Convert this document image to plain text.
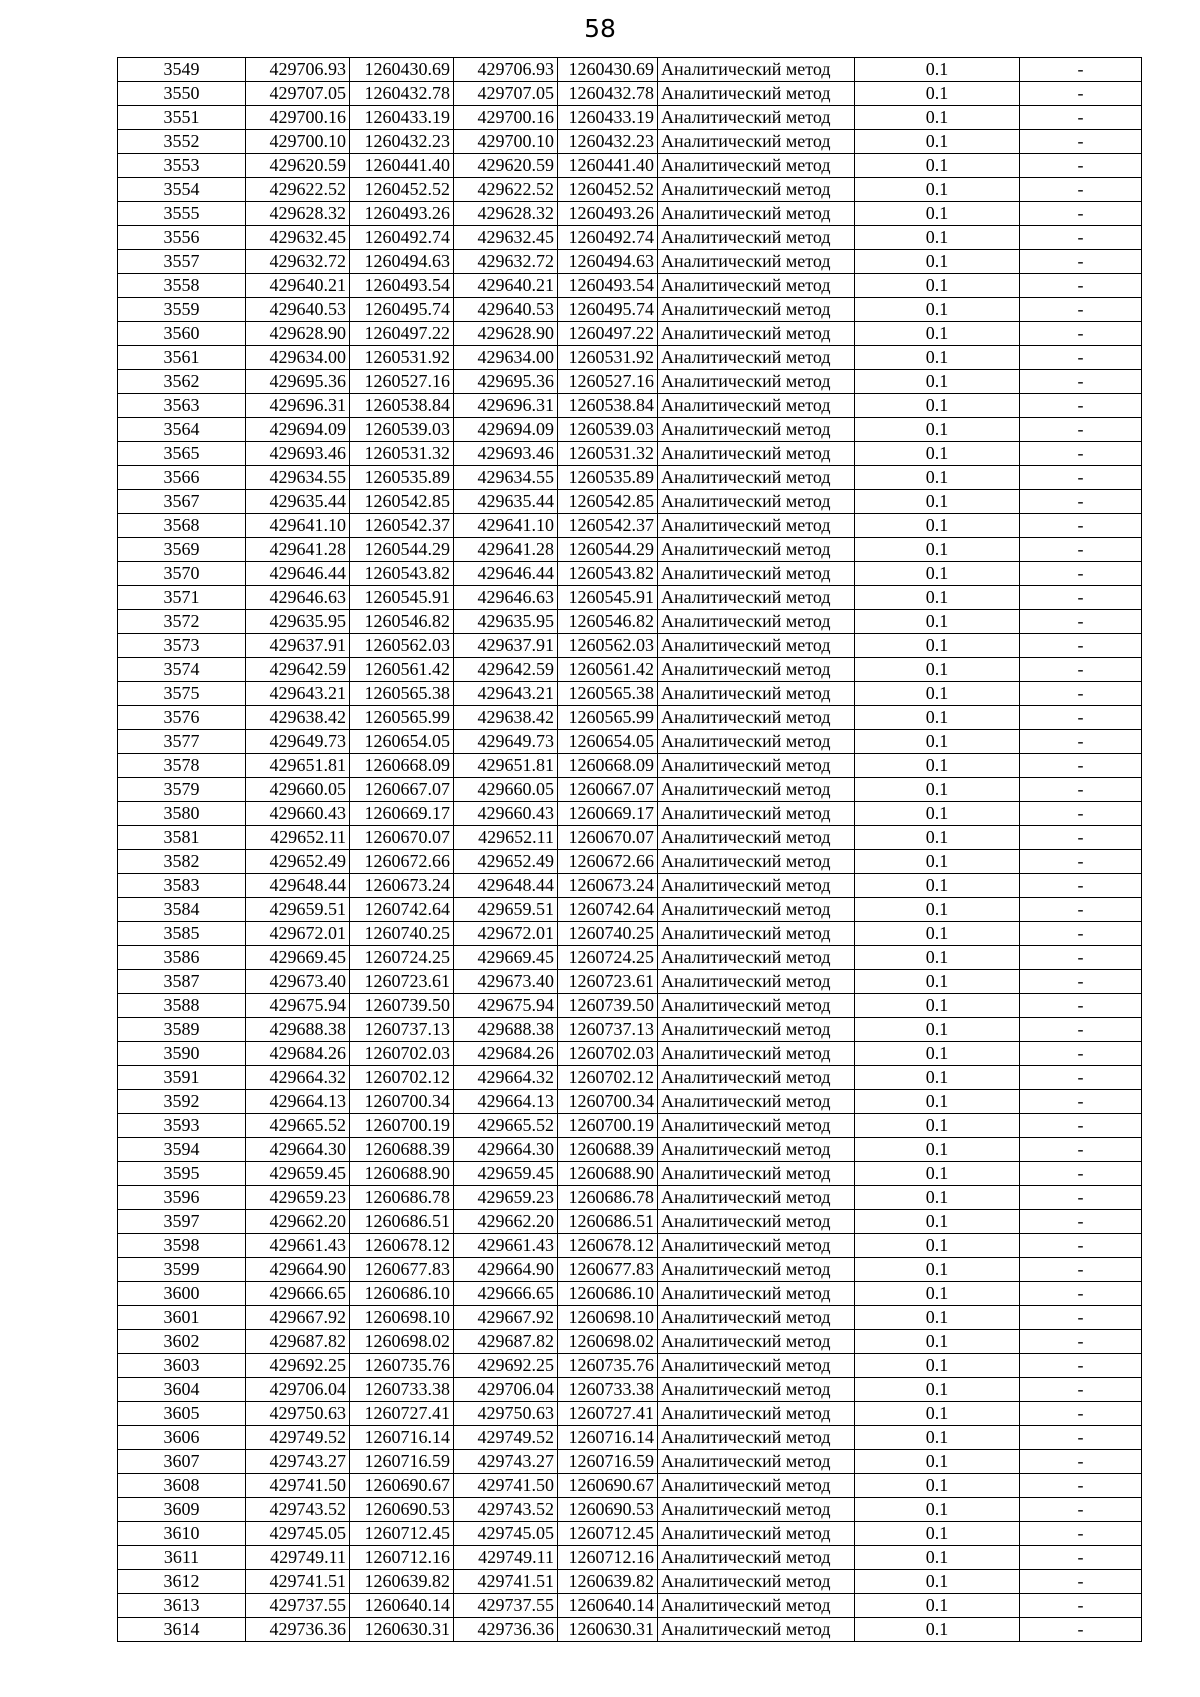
58
3549	429706.93	1260430.69	429706.93	1260430.69	Аналитический метод	0.1	-
3550	429707.05	1260432.78	429707.05	1260432.78	Аналитический метод	0.1	-
3551	429700.16	1260433.19	429700.16	1260433.19	Аналитический метод	0.1	-
3552	429700.10	1260432.23	429700.10	1260432.23	Аналитический метод	0.1	-
3553	429620.59	1260441.40	429620.59	1260441.40	Аналитический метод	0.1	-
3554	429622.52	1260452.52	429622.52	1260452.52	Аналитический метод	0.1	-
3555	429628.32	1260493.26	429628.32	1260493.26	Аналитический метод	0.1	-
3556	429632.45	1260492.74	429632.45	1260492.74	Аналитический метод	0.1	-
3557	429632.72	1260494.63	429632.72	1260494.63	Аналитический метод	0.1	-
3558	429640.21	1260493.54	429640.21	1260493.54	Аналитический метод	0.1	-
3559	429640.53	1260495.74	429640.53	1260495.74	Аналитический метод	0.1	-
3560	429628.90	1260497.22	429628.90	1260497.22	Аналитический метод	0.1	-
3561	429634.00	1260531.92	429634.00	1260531.92	Аналитический метод	0.1	-
3562	429695.36	1260527.16	429695.36	1260527.16	Аналитический метод	0.1	-
3563	429696.31	1260538.84	429696.31	1260538.84	Аналитический метод	0.1	-
3564	429694.09	1260539.03	429694.09	1260539.03	Аналитический метод	0.1	-
3565	429693.46	1260531.32	429693.46	1260531.32	Аналитический метод	0.1	-
3566	429634.55	1260535.89	429634.55	1260535.89	Аналитический метод	0.1	-
3567	429635.44	1260542.85	429635.44	1260542.85	Аналитический метод	0.1	-
3568	429641.10	1260542.37	429641.10	1260542.37	Аналитический метод	0.1	-
3569	429641.28	1260544.29	429641.28	1260544.29	Аналитический метод	0.1	-
3570	429646.44	1260543.82	429646.44	1260543.82	Аналитический метод	0.1	-
3571	429646.63	1260545.91	429646.63	1260545.91	Аналитический метод	0.1	-
3572	429635.95	1260546.82	429635.95	1260546.82	Аналитический метод	0.1	-
3573	429637.91	1260562.03	429637.91	1260562.03	Аналитический метод	0.1	-
3574	429642.59	1260561.42	429642.59	1260561.42	Аналитический метод	0.1	-
3575	429643.21	1260565.38	429643.21	1260565.38	Аналитический метод	0.1	-
3576	429638.42	1260565.99	429638.42	1260565.99	Аналитический метод	0.1	-
3577	429649.73	1260654.05	429649.73	1260654.05	Аналитический метод	0.1	-
3578	429651.81	1260668.09	429651.81	1260668.09	Аналитический метод	0.1	-
3579	429660.05	1260667.07	429660.05	1260667.07	Аналитический метод	0.1	-
3580	429660.43	1260669.17	429660.43	1260669.17	Аналитический метод	0.1	-
3581	429652.11	1260670.07	429652.11	1260670.07	Аналитический метод	0.1	-
3582	429652.49	1260672.66	429652.49	1260672.66	Аналитический метод	0.1	-
3583	429648.44	1260673.24	429648.44	1260673.24	Аналитический метод	0.1	-
3584	429659.51	1260742.64	429659.51	1260742.64	Аналитический метод	0.1	-
3585	429672.01	1260740.25	429672.01	1260740.25	Аналитический метод	0.1	-
3586	429669.45	1260724.25	429669.45	1260724.25	Аналитический метод	0.1	-
3587	429673.40	1260723.61	429673.40	1260723.61	Аналитический метод	0.1	-
3588	429675.94	1260739.50	429675.94	1260739.50	Аналитический метод	0.1	-
3589	429688.38	1260737.13	429688.38	1260737.13	Аналитический метод	0.1	-
3590	429684.26	1260702.03	429684.26	1260702.03	Аналитический метод	0.1	-
3591	429664.32	1260702.12	429664.32	1260702.12	Аналитический метод	0.1	-
3592	429664.13	1260700.34	429664.13	1260700.34	Аналитический метод	0.1	-
3593	429665.52	1260700.19	429665.52	1260700.19	Аналитический метод	0.1	-
3594	429664.30	1260688.39	429664.30	1260688.39	Аналитический метод	0.1	-
3595	429659.45	1260688.90	429659.45	1260688.90	Аналитический метод	0.1	-
3596	429659.23	1260686.78	429659.23	1260686.78	Аналитический метод	0.1	-
3597	429662.20	1260686.51	429662.20	1260686.51	Аналитический метод	0.1	-
3598	429661.43	1260678.12	429661.43	1260678.12	Аналитический метод	0.1	-
3599	429664.90	1260677.83	429664.90	1260677.83	Аналитический метод	0.1	-
3600	429666.65	1260686.10	429666.65	1260686.10	Аналитический метод	0.1	-
3601	429667.92	1260698.10	429667.92	1260698.10	Аналитический метод	0.1	-
3602	429687.82	1260698.02	429687.82	1260698.02	Аналитический метод	0.1	-
3603	429692.25	1260735.76	429692.25	1260735.76	Аналитический метод	0.1	-
3604	429706.04	1260733.38	429706.04	1260733.38	Аналитический метод	0.1	-
3605	429750.63	1260727.41	429750.63	1260727.41	Аналитический метод	0.1	-
3606	429749.52	1260716.14	429749.52	1260716.14	Аналитический метод	0.1	-
3607	429743.27	1260716.59	429743.27	1260716.59	Аналитический метод	0.1	-
3608	429741.50	1260690.67	429741.50	1260690.67	Аналитический метод	0.1	-
3609	429743.52	1260690.53	429743.52	1260690.53	Аналитический метод	0.1	-
3610	429745.05	1260712.45	429745.05	1260712.45	Аналитический метод	0.1	-
3611	429749.11	1260712.16	429749.11	1260712.16	Аналитический метод	0.1	-
3612	429741.51	1260639.82	429741.51	1260639.82	Аналитический метод	0.1	-
3613	429737.55	1260640.14	429737.55	1260640.14	Аналитический метод	0.1	-
3614	429736.36	1260630.31	429736.36	1260630.31	Аналитический метод	0.1	-
